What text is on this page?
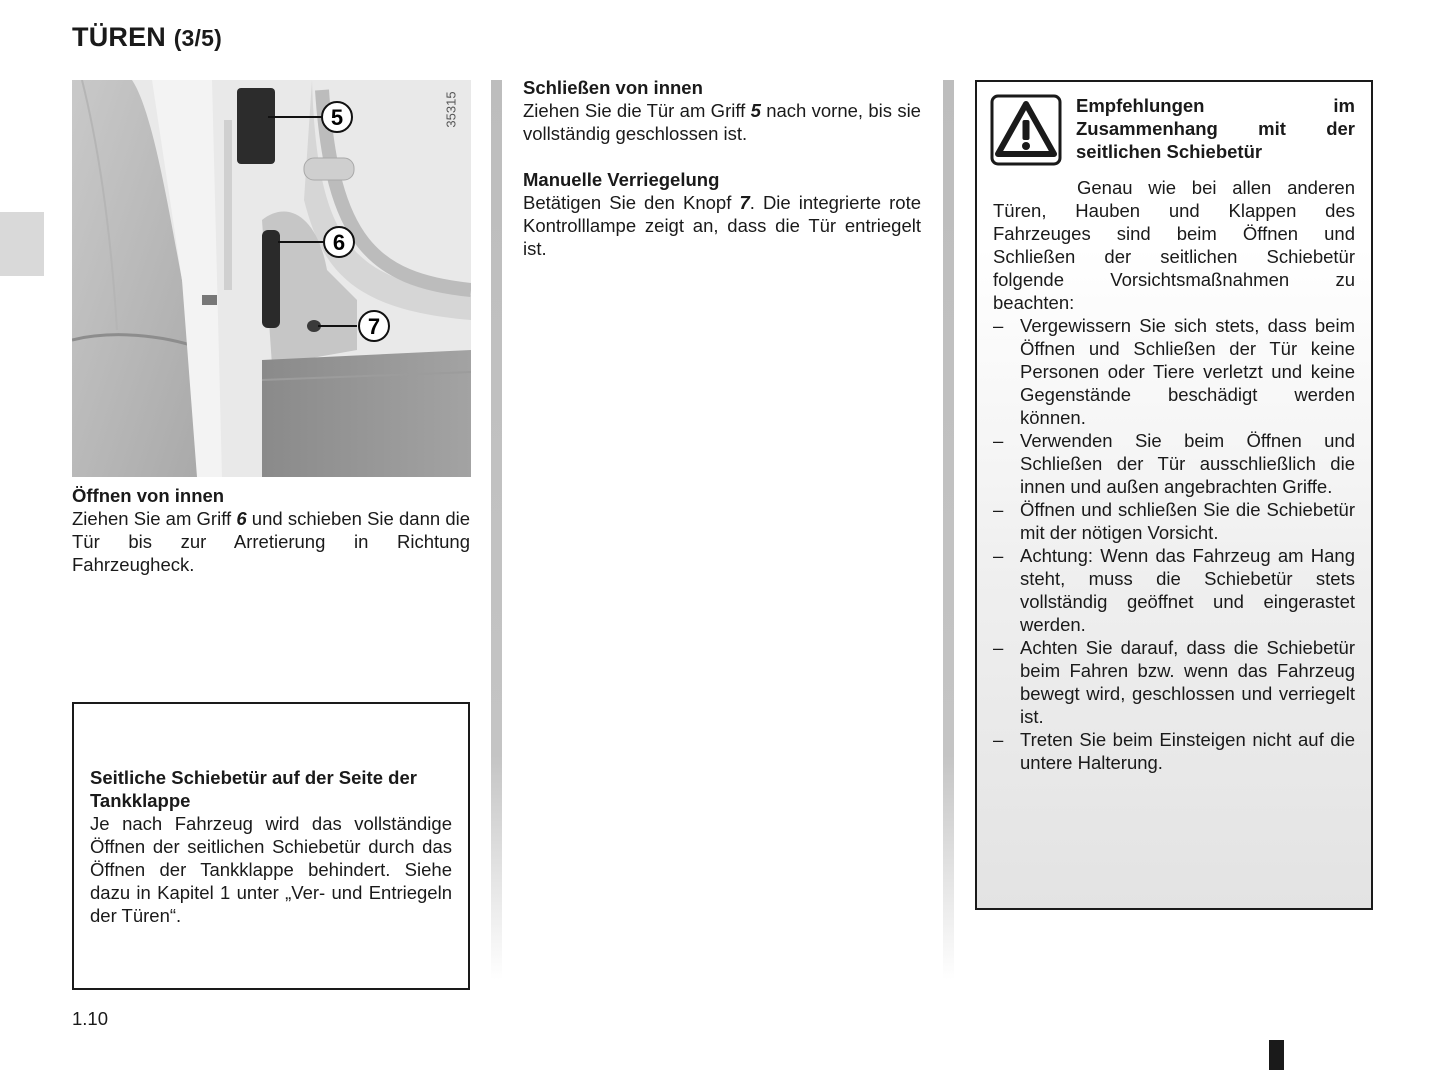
TÜREN (3/5)
5
6
7
35315
Öffnen von innen
Ziehen Sie am Griff 6 und schieben Sie dann die Tür bis zur Arretierung in Richtung Fahrzeugheck.
Seitliche Schiebetür auf der Seite der Tankklappe
Je nach Fahrzeug wird das vollständige Öffnen der seitlichen Schiebetür durch das Öffnen der Tankklappe behindert. Siehe dazu in Kapitel 1 unter „Ver- und Entriegeln der Türen“.
Schließen von innen
Ziehen Sie die Tür am Griff 5 nach vorne, bis sie vollständig geschlossen ist.
Manuelle Verriegelung
Betätigen Sie den Knopf 7. Die integrierte rote Kontrolllampe zeigt an, dass die Tür entriegelt ist.
Empfehlungen im Zusammenhang mit der seitlichen Schiebetür
Genau wie bei allen anderen Türen, Hauben und Klappen des Fahrzeuges sind beim Öffnen und Schließen der seitlichen Schiebetür folgende Vorsichtsmaßnahmen zu beachten:
– Vergewissern Sie sich stets, dass beim Öffnen und Schließen der Tür keine Personen oder Tiere verletzt und keine Gegenstände beschädigt werden können.
– Verwenden Sie beim Öffnen und Schließen der Tür ausschließlich die innen und außen angebrachten Griffe.
– Öffnen und schließen Sie die Schiebetür mit der nötigen Vorsicht.
– Achtung: Wenn das Fahrzeug am Hang steht, muss die Schiebetür stets vollständig geöffnet und eingerastet werden.
– Achten Sie darauf, dass die Schiebetür beim Fahren bzw. wenn das Fahrzeug bewegt wird, geschlossen und verriegelt ist.
– Treten Sie beim Einsteigen nicht auf die untere Halterung.
1.10
